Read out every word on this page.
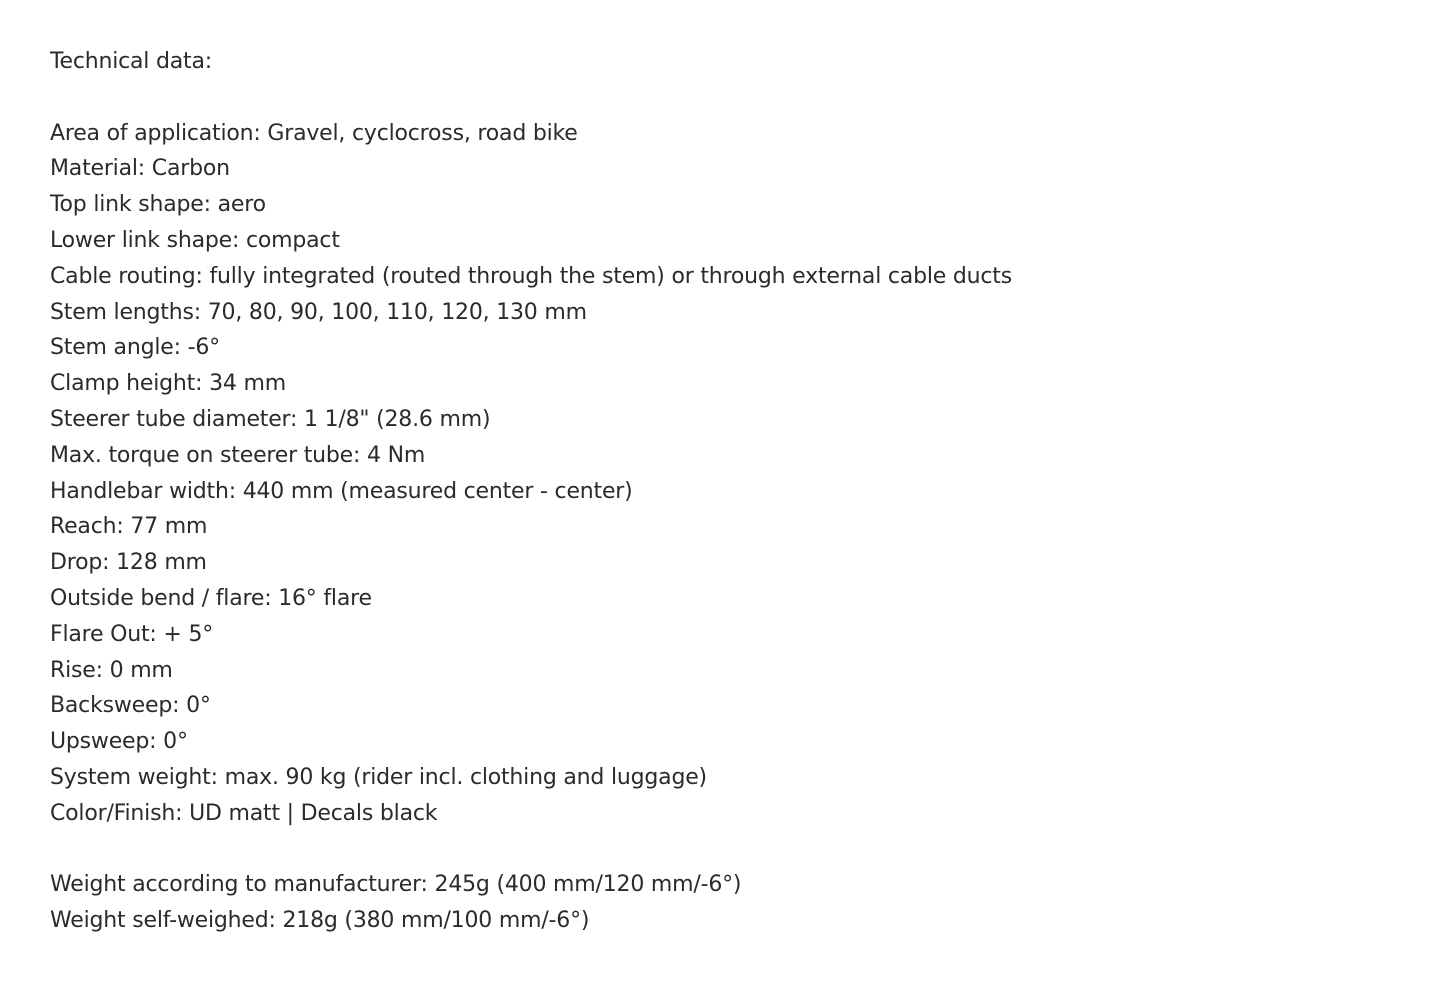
Technical data:
Area of application: Gravel, cyclocross, road bike
Material: Carbon
Top link shape: aero
Lower link shape: compact
Cable routing: fully integrated (routed through the stem) or through external cable ducts
Stem lengths: 70, 80, 90, 100, 110, 120, 130 mm
Stem angle: -6°
Clamp height: 34 mm
Steerer tube diameter: 1 1/8" (28.6 mm)
Max. torque on steerer tube: 4 Nm
Handlebar width: 440 mm (measured center - center)
Reach: 77 mm
Drop: 128 mm
Outside bend / flare: 16° flare
Flare Out: + 5°
Rise: 0 mm
Backsweep: 0°
Upsweep: 0°
System weight: max. 90 kg (rider incl. clothing and luggage)
Color/Finish: UD matt | Decals black
Weight according to manufacturer: 245g (400 mm/120 mm/-6°)
Weight self-weighed: 218g (380 mm/100 mm/-6°)
